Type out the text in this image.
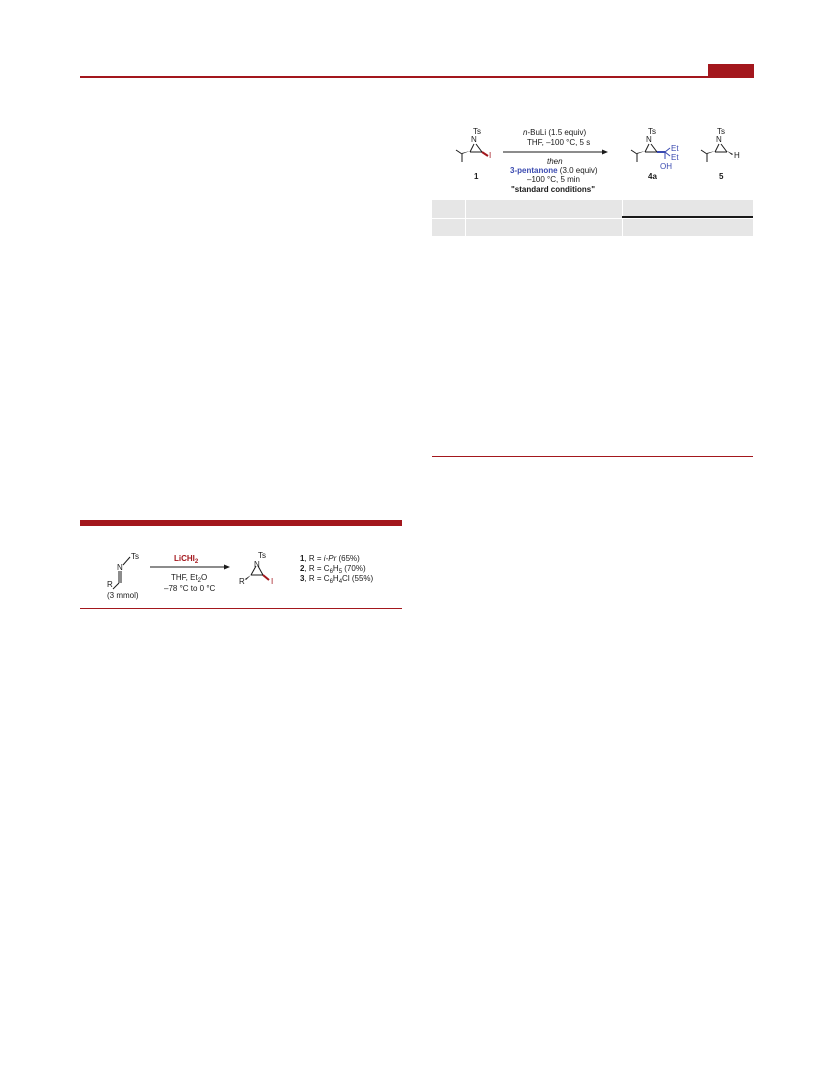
Ts
N
R
(3 mmol)
LiCHI$_2$
THF, $Et_2O$
–78 °C to 0 °C
Ts
N
R	I
1, R = i-Pr (65%)
2, $R = C_6H_5$ (70%)
3, $R = C_6H_4Cl$ (55%)
Ts
N
I
1
n-BuLi (1.5 equiv)
THF, –100 °C, 5 s
then
3-pentanone (3.0 equiv)
–100 °C, 5 min
"standard conditions"
Ts
N
Et
Et
OH
4a
Ts
N
H
5
